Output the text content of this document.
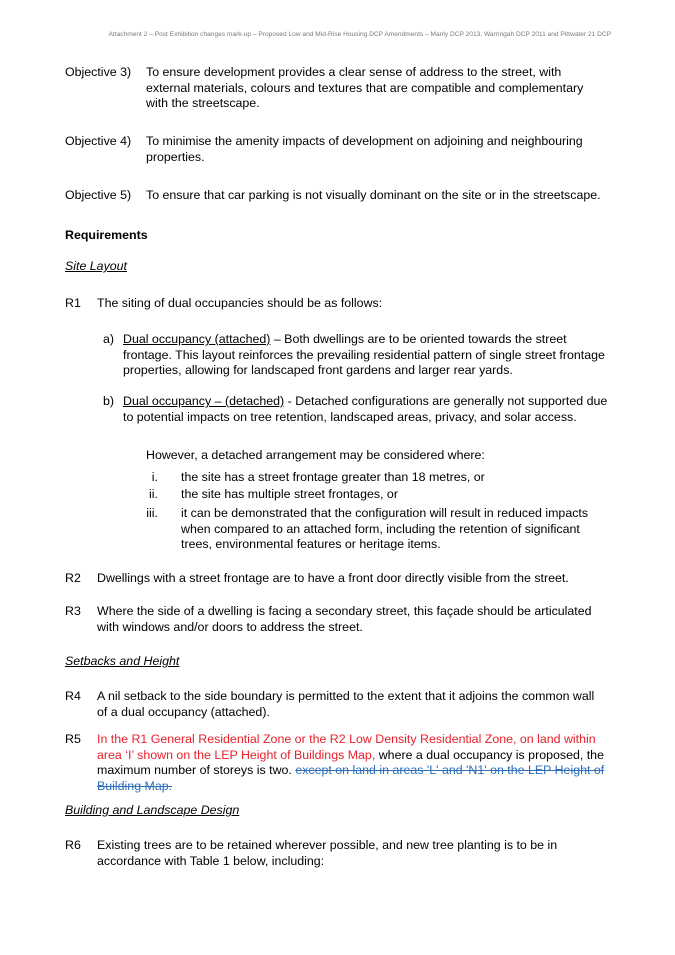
Attachment 2 – Post Exhibition changes mark-up – Proposed Low and Mid-Rise Housing DCP Amendments – Manly DCP 2013, Warringah DCP 2011 and Pittwater 21 DCP
Objective 3) To ensure development provides a clear sense of address to the street, with external materials, colours and textures that are compatible and complementary with the streetscape.
Objective 4) To minimise the amenity impacts of development on adjoining and neighbouring properties.
Objective 5) To ensure that car parking is not visually dominant on the site or in the streetscape.
Requirements
Site Layout
R1 The siting of dual occupancies should be as follows:
a) Dual occupancy (attached) – Both dwellings are to be oriented towards the street frontage. This layout reinforces the prevailing residential pattern of single street frontage properties, allowing for landscaped front gardens and larger rear yards.
b) Dual occupancy – (detached) - Detached configurations are generally not supported due to potential impacts on tree retention, landscaped areas, privacy, and solar access.
However, a detached arrangement may be considered where:
i. the site has a street frontage greater than 18 metres, or
ii. the site has multiple street frontages, or
iii. it can be demonstrated that the configuration will result in reduced impacts when compared to an attached form, including the retention of significant trees, environmental features or heritage items.
R2 Dwellings with a street frontage are to have a front door directly visible from the street.
R3 Where the side of a dwelling is facing a secondary street, this façade should be articulated with windows and/or doors to address the street.
Setbacks and Height
R4 A nil setback to the side boundary is permitted to the extent that it adjoins the common wall of a dual occupancy (attached).
R5 In the R1 General Residential Zone or the R2 Low Density Residential Zone, on land within area ‘I’ shown on the LEP Height of Buildings Map, where a dual occupancy is proposed, the maximum number of storeys is two. except on land in areas 'L' and 'N1' on the LEP Height of Building Map.
Building and Landscape Design
R6 Existing trees are to be retained wherever possible, and new tree planting is to be in accordance with Table 1 below, including:
